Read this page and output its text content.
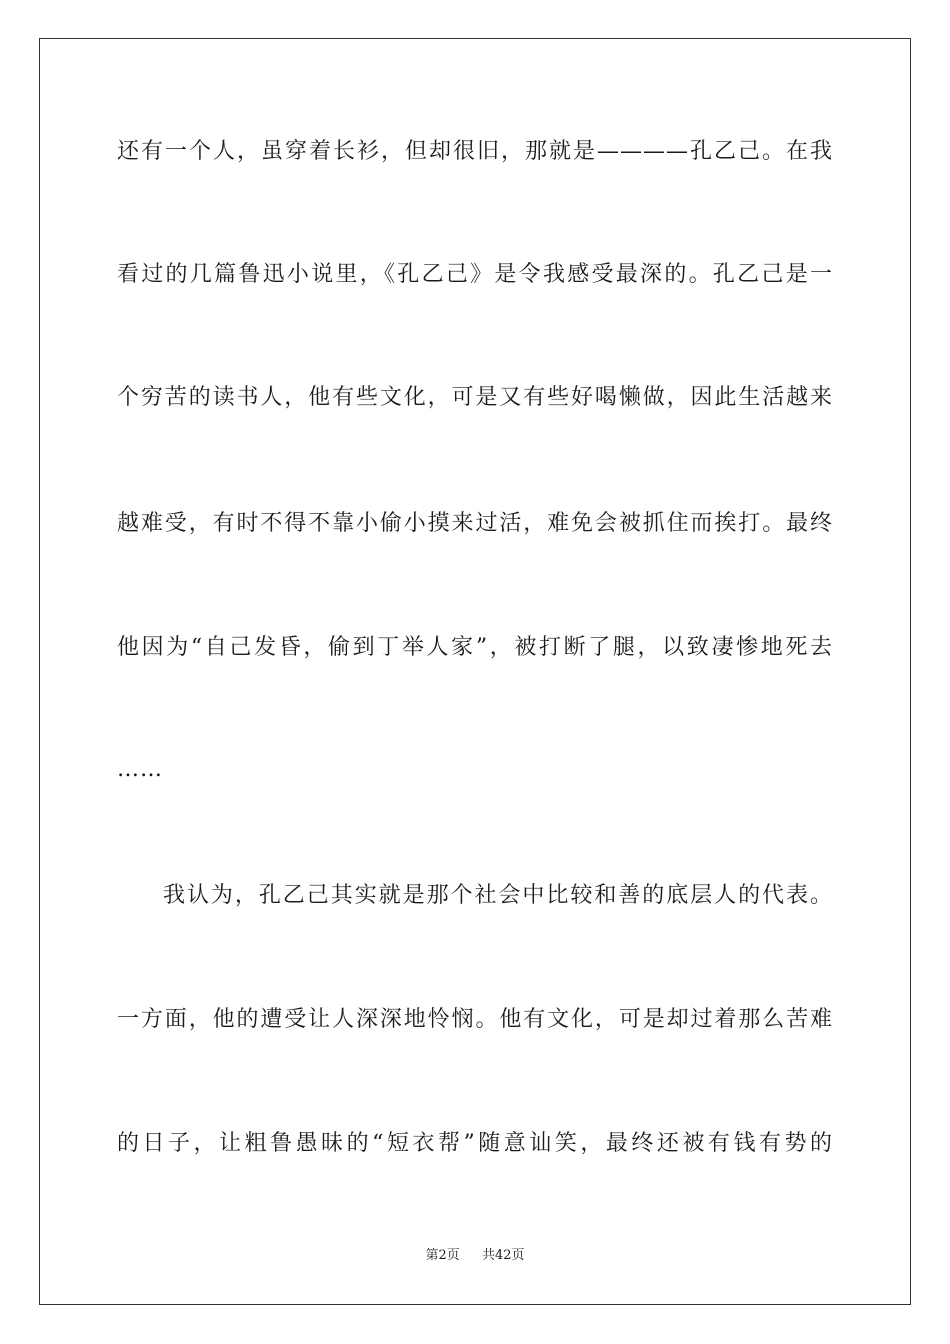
还有一个人，虽穿着长衫，但却很旧，那就是————孔乙己。在我
看过的几篇鲁迅小说里，《孔乙己》是令我感受最深的。孔乙己是一
个穷苦的读书人，他有些文化，可是又有些好喝懒做，因此生活越来
越难受，有时不得不靠小偷小摸来过活，难免会被抓住而挨打。最终
他因为“自己发昏，偷到丁举人家”，被打断了腿，以致凄惨地死去
……
我认为，孔乙己其实就是那个社会中比较和善的底层人的代表。
一方面，他的遭受让人深深地怜悯。他有文化，可是却过着那么苦难
的日子，让粗鲁愚昧的“短衣帮”随意讪笑，最终还被有钱有势的
第2页 共42页
